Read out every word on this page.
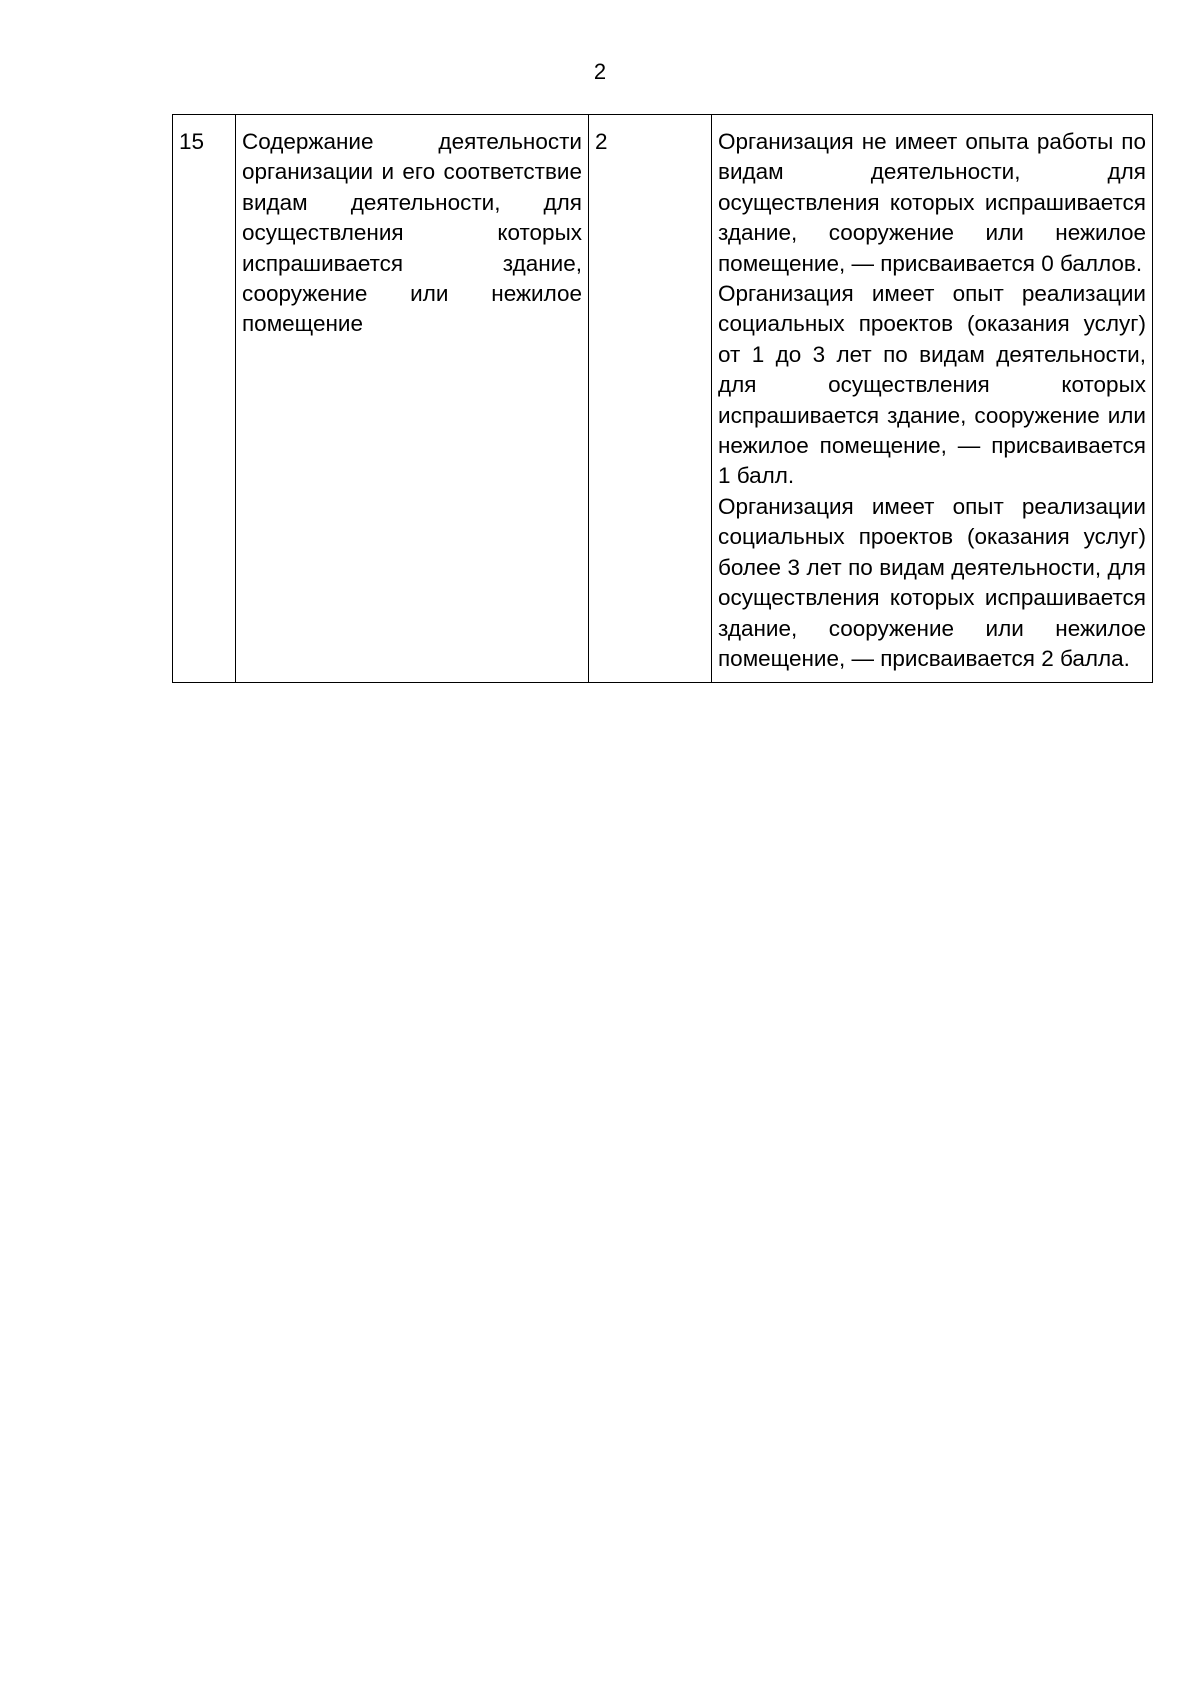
2
15	Содержание деятельности организации и его соответствие видам деятельности, для осуществления которых испрашивается здание, сооружение или нежилое помещение	2	Организация не имеет опыта работы по видам деятельности, для осуществления которых испрашивается здание, сооружение или нежилое помещение, — присваивается 0 баллов.
Организация имеет опыт реализации социальных проектов (оказания услуг) от 1 до 3 лет по видам деятельности, для осуществления которых испрашивается здание, сооружение или нежилое помещение, — присваивается 1 балл.
Организация имеет опыт реализации социальных проектов (оказания услуг) более 3 лет по видам деятельности, для осуществления которых испрашивается здание, сооружение или нежилое помещение, — присваивается 2 балла.
